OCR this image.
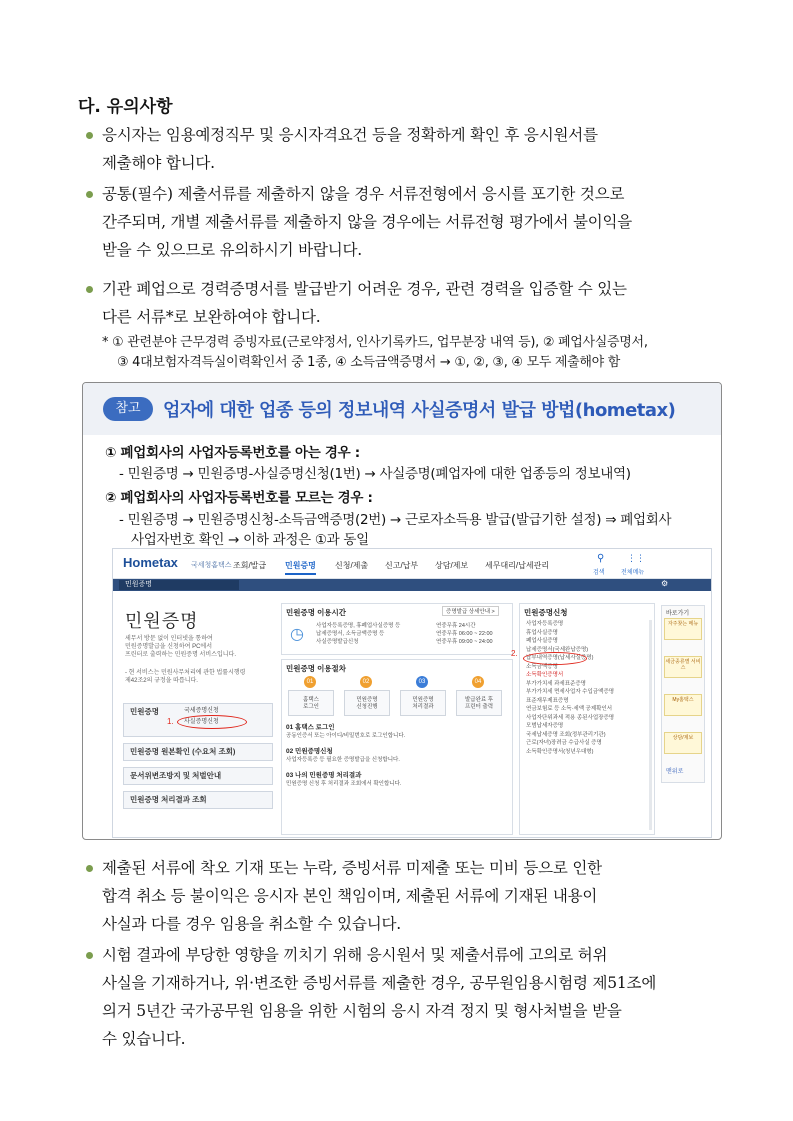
다. 유의사항
응시자는 임용예정직무 및 응시자격요건 등을 정확하게 확인 후 응시원서를
제출해야 합니다.
공통(필수) 제출서류를 제출하지 않을 경우 서류전형에서 응시를 포기한 것으로
간주되며, 개별 제출서류를 제출하지 않을 경우에는 서류전형 평가에서 불이익을
받을 수 있으므로 유의하시기 바랍니다.
기관 폐업으로 경력증명서를 발급받기 어려운 경우, 관련 경력을 입증할 수 있는
다른 서류*로 보완하여야 합니다.
* ① 관련분야 근무경력 증빙자료(근로약정서, 인사기록카드, 업무분장 내역 등), ② 폐업사실증명서,
③ 4대보험자격득실이력확인서 중 1종, ④ 소득금액증명서 → ①, ②, ③, ④ 모두 제출해야 함
참고	업자에 대한 업종 등의 정보내역 사실증명서 발급 방법(hometax)
① 폐업회사의 사업자등록번호를 아는 경우 :
- 민원증명 → 민원증명-사실증명신청(1번) → 사실증명(폐업자에 대한 업종등의 정보내역)
② 폐업회사의 사업자등록번호를 모르는 경우 :
- 민원증명 → 민원증명신청-소득금액증명(2번) → 근로자소득용 발급(발급기한 설정) ⇒ 폐업회사
사업자번호 확인 → 이하 과정은 ①과 동일
Hometax 국세청홈택스 조회/발급 민원증명 신청/제출 신고/납부 상담/제보 세무대리/납세관리
⚲
검색
⋮⋮
전체메뉴
민원증명	⚙
민원증명
세무서 방문 없이 인터넷을 통하여
민원증명발급을 신청하여 PC에서
프린터로 출력하는 민원증명 서비스입니다.
- 현 서비스는 민원사무처리에 관한 법률시행령
제42조2의 규정을 따릅니다.
민원증명	국세증명신청
사실증명신청
1.
민원증명 원본확인 (수요처 조회)
문서위변조방지 및 처벌안내
민원증명 처리결과 조회
민원증명 이용시간	증명발급 상세안내 >
◷ 사업자등록증명, 휴폐업사실증명 등	연중무휴 24시간
납세증명서, 소득금액증명 등	연중무휴 06:00 ~ 22:00
사실증명발급신청	연중무휴 09:00 ~ 24:00
민원증명 이용절차
01
홈택스
로그인
02
민원증명
신청진행
03
민원증명
처리결과
04
발급완료 후
프린터 출력
01 홈택스 로그인
공동인증서 또는 아이디/비밀번호로 로그인합니다.
02 민원증명신청
사업자등록증 등 필요한 증명발급을 신청합니다.
03 나의 민원증명 처리결과
민원증명 신청 후 처리결과 조회에서 확인합니다.
민원증명신청
사업자등록증명
휴업사실증명
폐업사실증명
납세증명서(국세완납증명)
납부내역증명(납세사실증명)
소득금액증명
소득확인증명서
부가가치세 과세표준증명
부가가치세 면세사업자 수입금액증명
표준재무제표증명
연금보험료 등 소득·세액 공제확인서
사업자단위과세 적용 종된사업장증명
모범납세자증명
국세납세증명 조회(정부관리기관)
근로(자녀)장려금 수급사실 증명
소득확인증명서(청년우대형)
2.
바로가기
자주찾는 메뉴
세금종류별 서비스
My홈택스
상담/제보
맨위로
제출된 서류에 착오 기재 또는 누락, 증빙서류 미제출 또는 미비 등으로 인한
합격 취소 등 불이익은 응시자 본인 책임이며, 제출된 서류에 기재된 내용이
사실과 다를 경우 임용을 취소할 수 있습니다.
시험 결과에 부당한 영향을 끼치기 위해 응시원서 및 제출서류에 고의로 허위
사실을 기재하거나, 위·변조한 증빙서류를 제출한 경우, 공무원임용시험령 제51조에
의거 5년간 국가공무원 임용을 위한 시험의 응시 자격 정지 및 형사처벌을 받을
수 있습니다.
